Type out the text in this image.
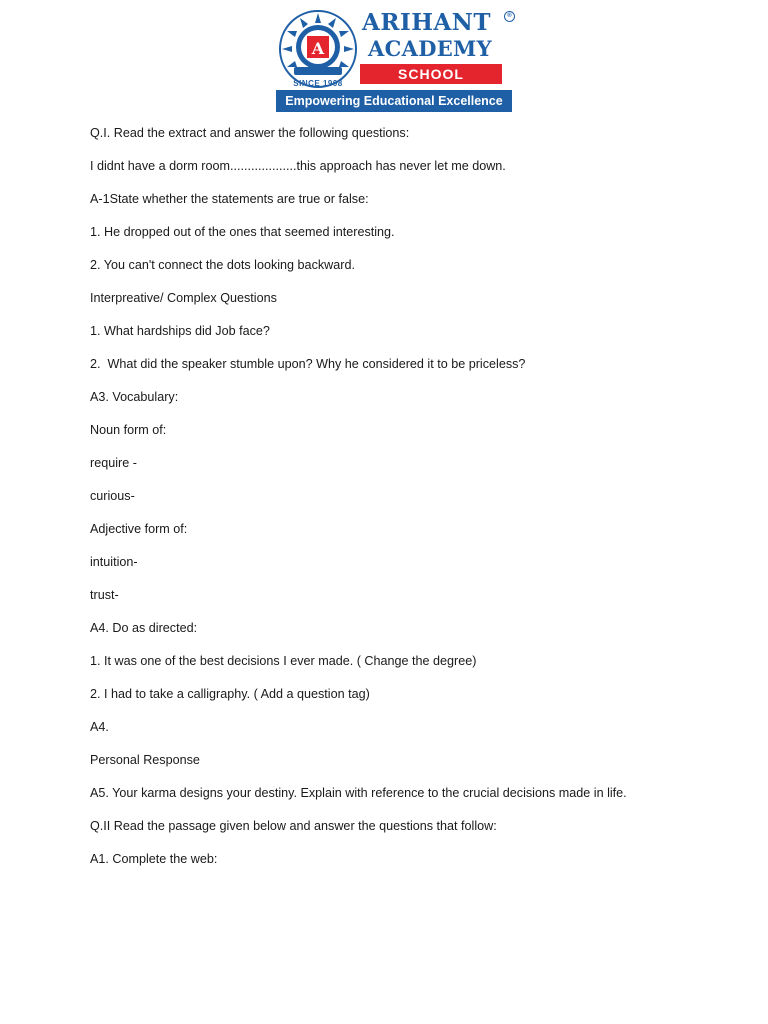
A
SINCE 1998
ARIHANT	®
ACADEMY
SCHOOL
Empowering Educational Excellence
Q.I. Read the extract and answer the following questions:
I didnt have a dorm room...................this approach has never let me down.
A-1State whether the statements are true or false:
1. He dropped out of the ones that seemed interesting.
2. You can't connect the dots looking backward.
Interpreative/ Complex Questions
1. What hardships did Job face?
2.  What did the speaker stumble upon? Why he considered it to be priceless?
A3. Vocabulary:
Noun form of:
require -
curious-
Adjective form of:
intuition-
trust-
A4. Do as directed:
1. It was one of the best decisions I ever made. ( Change the degree)
2. I had to take a calligraphy. ( Add a question tag)
A4.
Personal Response
A5. Your karma designs your destiny. Explain with reference to the crucial decisions made in life.
Q.II Read the passage given below and answer the questions that follow:
A1. Complete the web:
